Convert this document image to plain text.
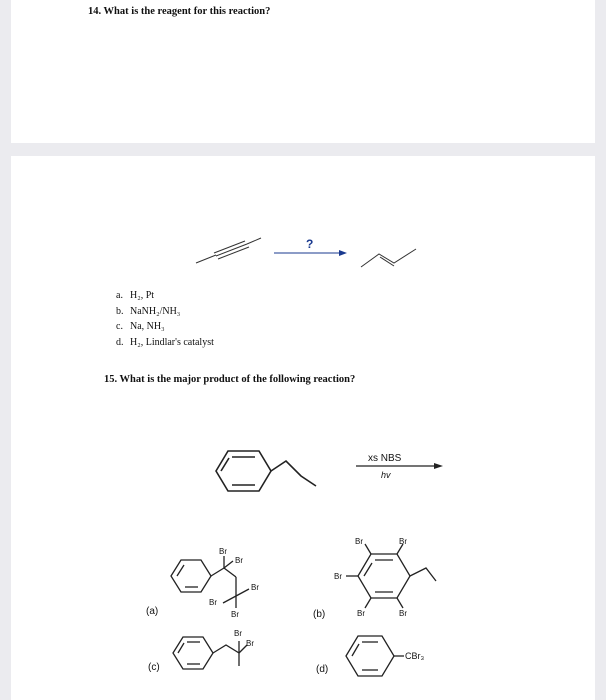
14. What is the reagent for this reaction?
?
a. H₂, Pt
b. NaNH₂/NH₃
c. Na, NH₃
d. H₂, Lindlar's catalyst
15. What is the major product of the following reaction?
xs NBS
hv
Br
Br
Br
Br
Br
(a)
Br	Br
Br
Br	Br
(b)
Br
Br
(c)
CBr₃
(d)
